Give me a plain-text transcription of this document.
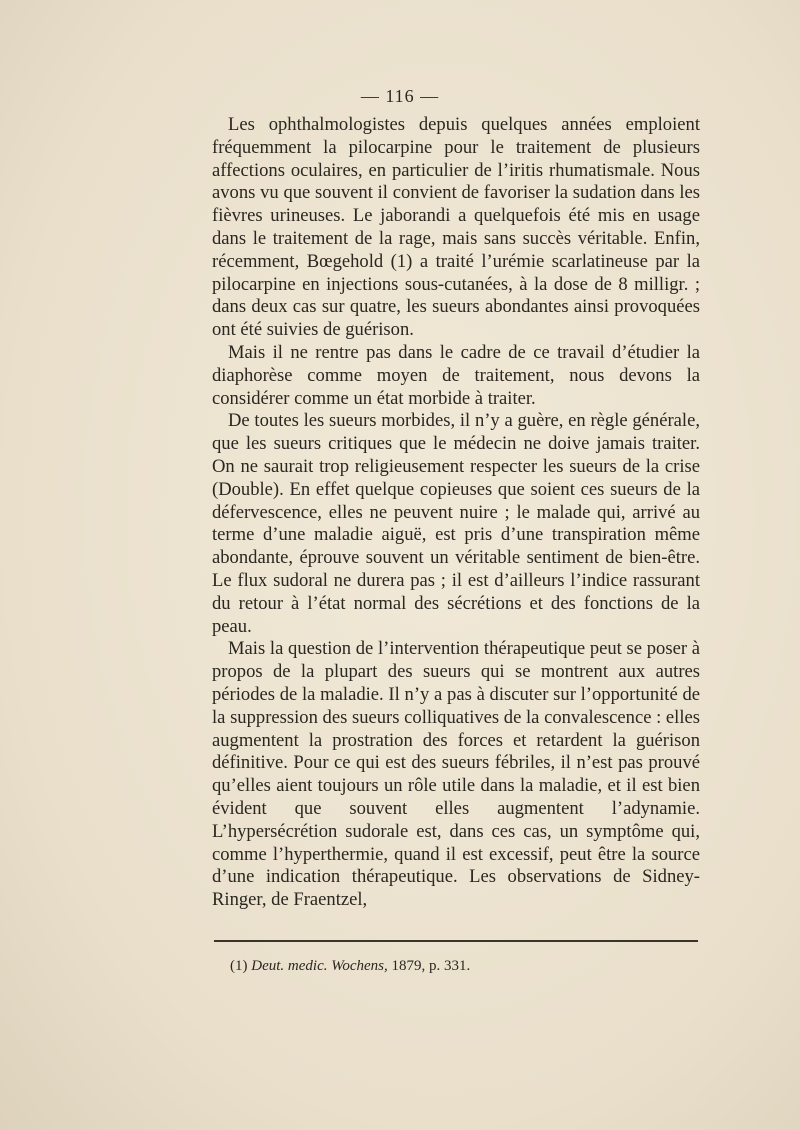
— 116 —

Les ophthalmologistes depuis quelques années emploient fréquemment la pilocarpine pour le traitement de plusieurs affections oculaires, en particulier de l’iritis rhumatismale. Nous avons vu que souvent il convient de favoriser la sudation dans les fièvres urineuses. Le jaborandi a quelquefois été mis en usage dans le traitement de la rage, mais sans succès véritable. Enfin, récemment, Bœgehold (1) a traité l’urémie scarlatineuse par la pilocarpine en injections sous-cutanées, à la dose de 8 milligr. ; dans deux cas sur quatre, les sueurs abondantes ainsi provoquées ont été suivies de guérison.

Mais il ne rentre pas dans le cadre de ce travail d’étudier la diaphorèse comme moyen de traitement, nous devons la considérer comme un état morbide à traiter.

De toutes les sueurs morbides, il n’y a guère, en règle générale, que les sueurs critiques que le médecin ne doive jamais traiter. On ne saurait trop religieusement respecter les sueurs de la crise (Double). En effet quelque copieuses que soient ces sueurs de la défervescence, elles ne peuvent nuire ; le malade qui, arrivé au terme d’une maladie aiguë, est pris d’une transpiration même abondante, éprouve souvent un véritable sentiment de bien-être. Le flux sudoral ne durera pas ; il est d’ailleurs l’indice rassurant du retour à l’état normal des sécrétions et des fonctions de la peau.

Mais la question de l’intervention thérapeutique peut se poser à propos de la plupart des sueurs qui se montrent aux autres périodes de la maladie. Il n’y a pas à discuter sur l’opportunité de la suppression des sueurs colliquatives de la convalescence : elles augmentent la prostration des forces et retardent la guérison définitive. Pour ce qui est des sueurs fébriles, il n’est pas prouvé qu’elles aient toujours un rôle utile dans la maladie, et il est bien évident que souvent elles augmentent l’adynamie. L’hypersécrétion sudorale est, dans ces cas, un symptôme qui, comme l’hyperthermie, quand il est excessif, peut être la source d’une indication thérapeutique. Les observations de Sidney-Ringer, de Fraentzel,

(1) Deut. medic. Wochens, 1879, p. 331.
